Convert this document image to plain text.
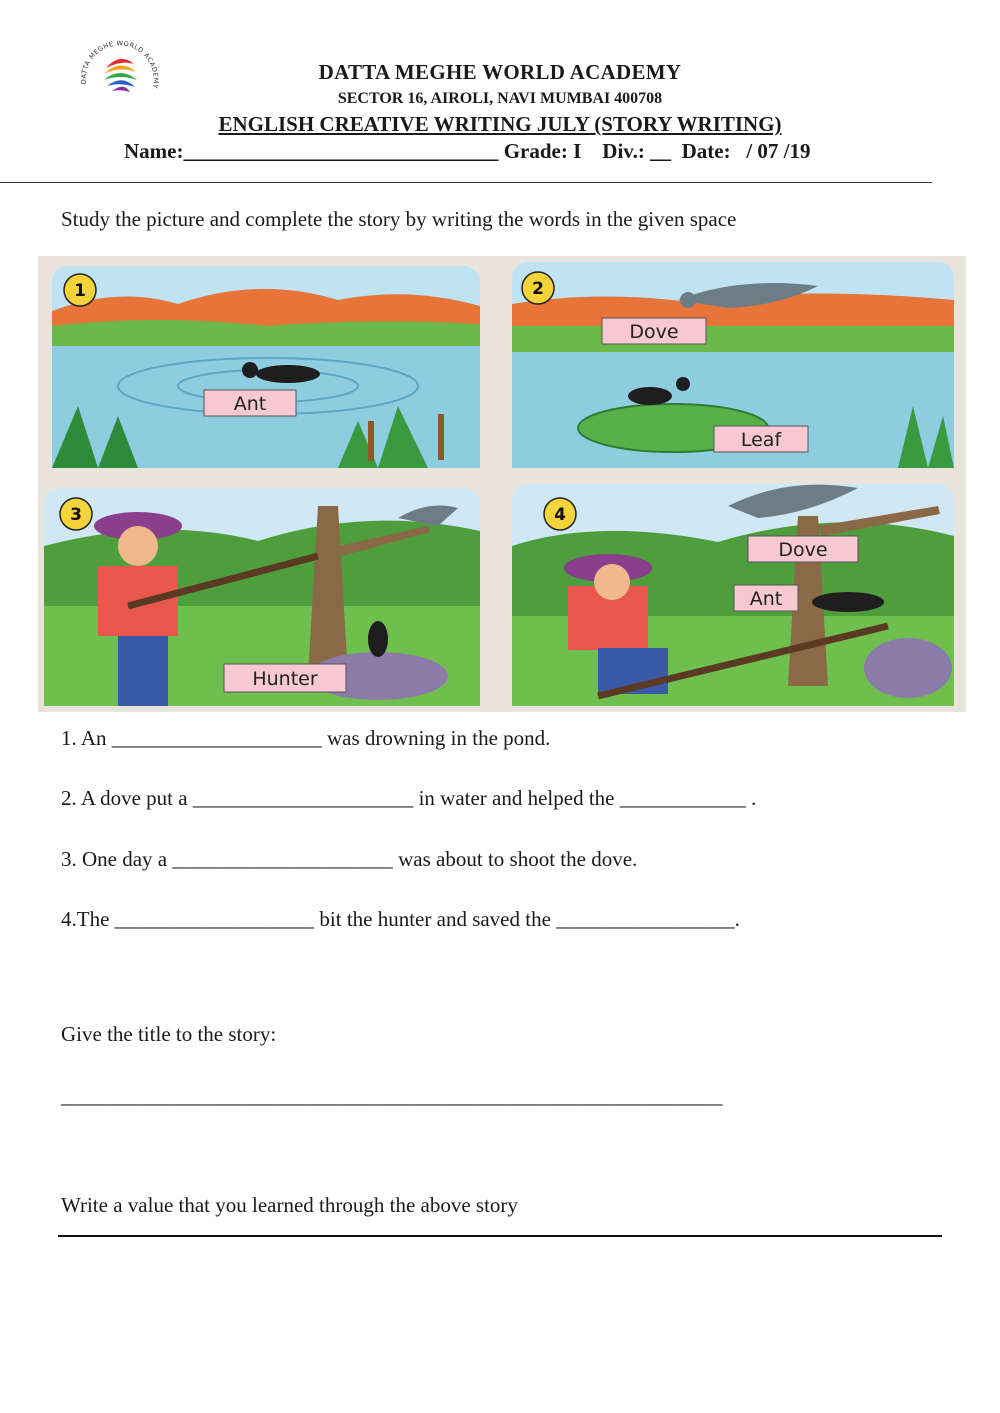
DATTA MEGHE WORLD ACADEMY
DATTA MEGHE WORLD ACADEMY
SECTOR 16, AIROLI, NAVI MUMBAI 400708
ENGLISH CREATIVE WRITING JULY (STORY WRITING)
Name:______________________________ Grade: I    Div.: __  Date:   / 07 /19
Study the picture and complete the story by writing the words in the given space
1
Ant
2
Dove
Leaf
3
Hunter
4
Dove
Ant
1. An ____________________ was drowning in the pond.
2. A dove put a _____________________ in water and helped the ____________ .
3. One day a _____________________ was about to shoot the dove.
4.The ___________________ bit the hunter and saved the _________________.
Give the title to the story:
_______________________________________________________________
Write a value that you learned through the above story
